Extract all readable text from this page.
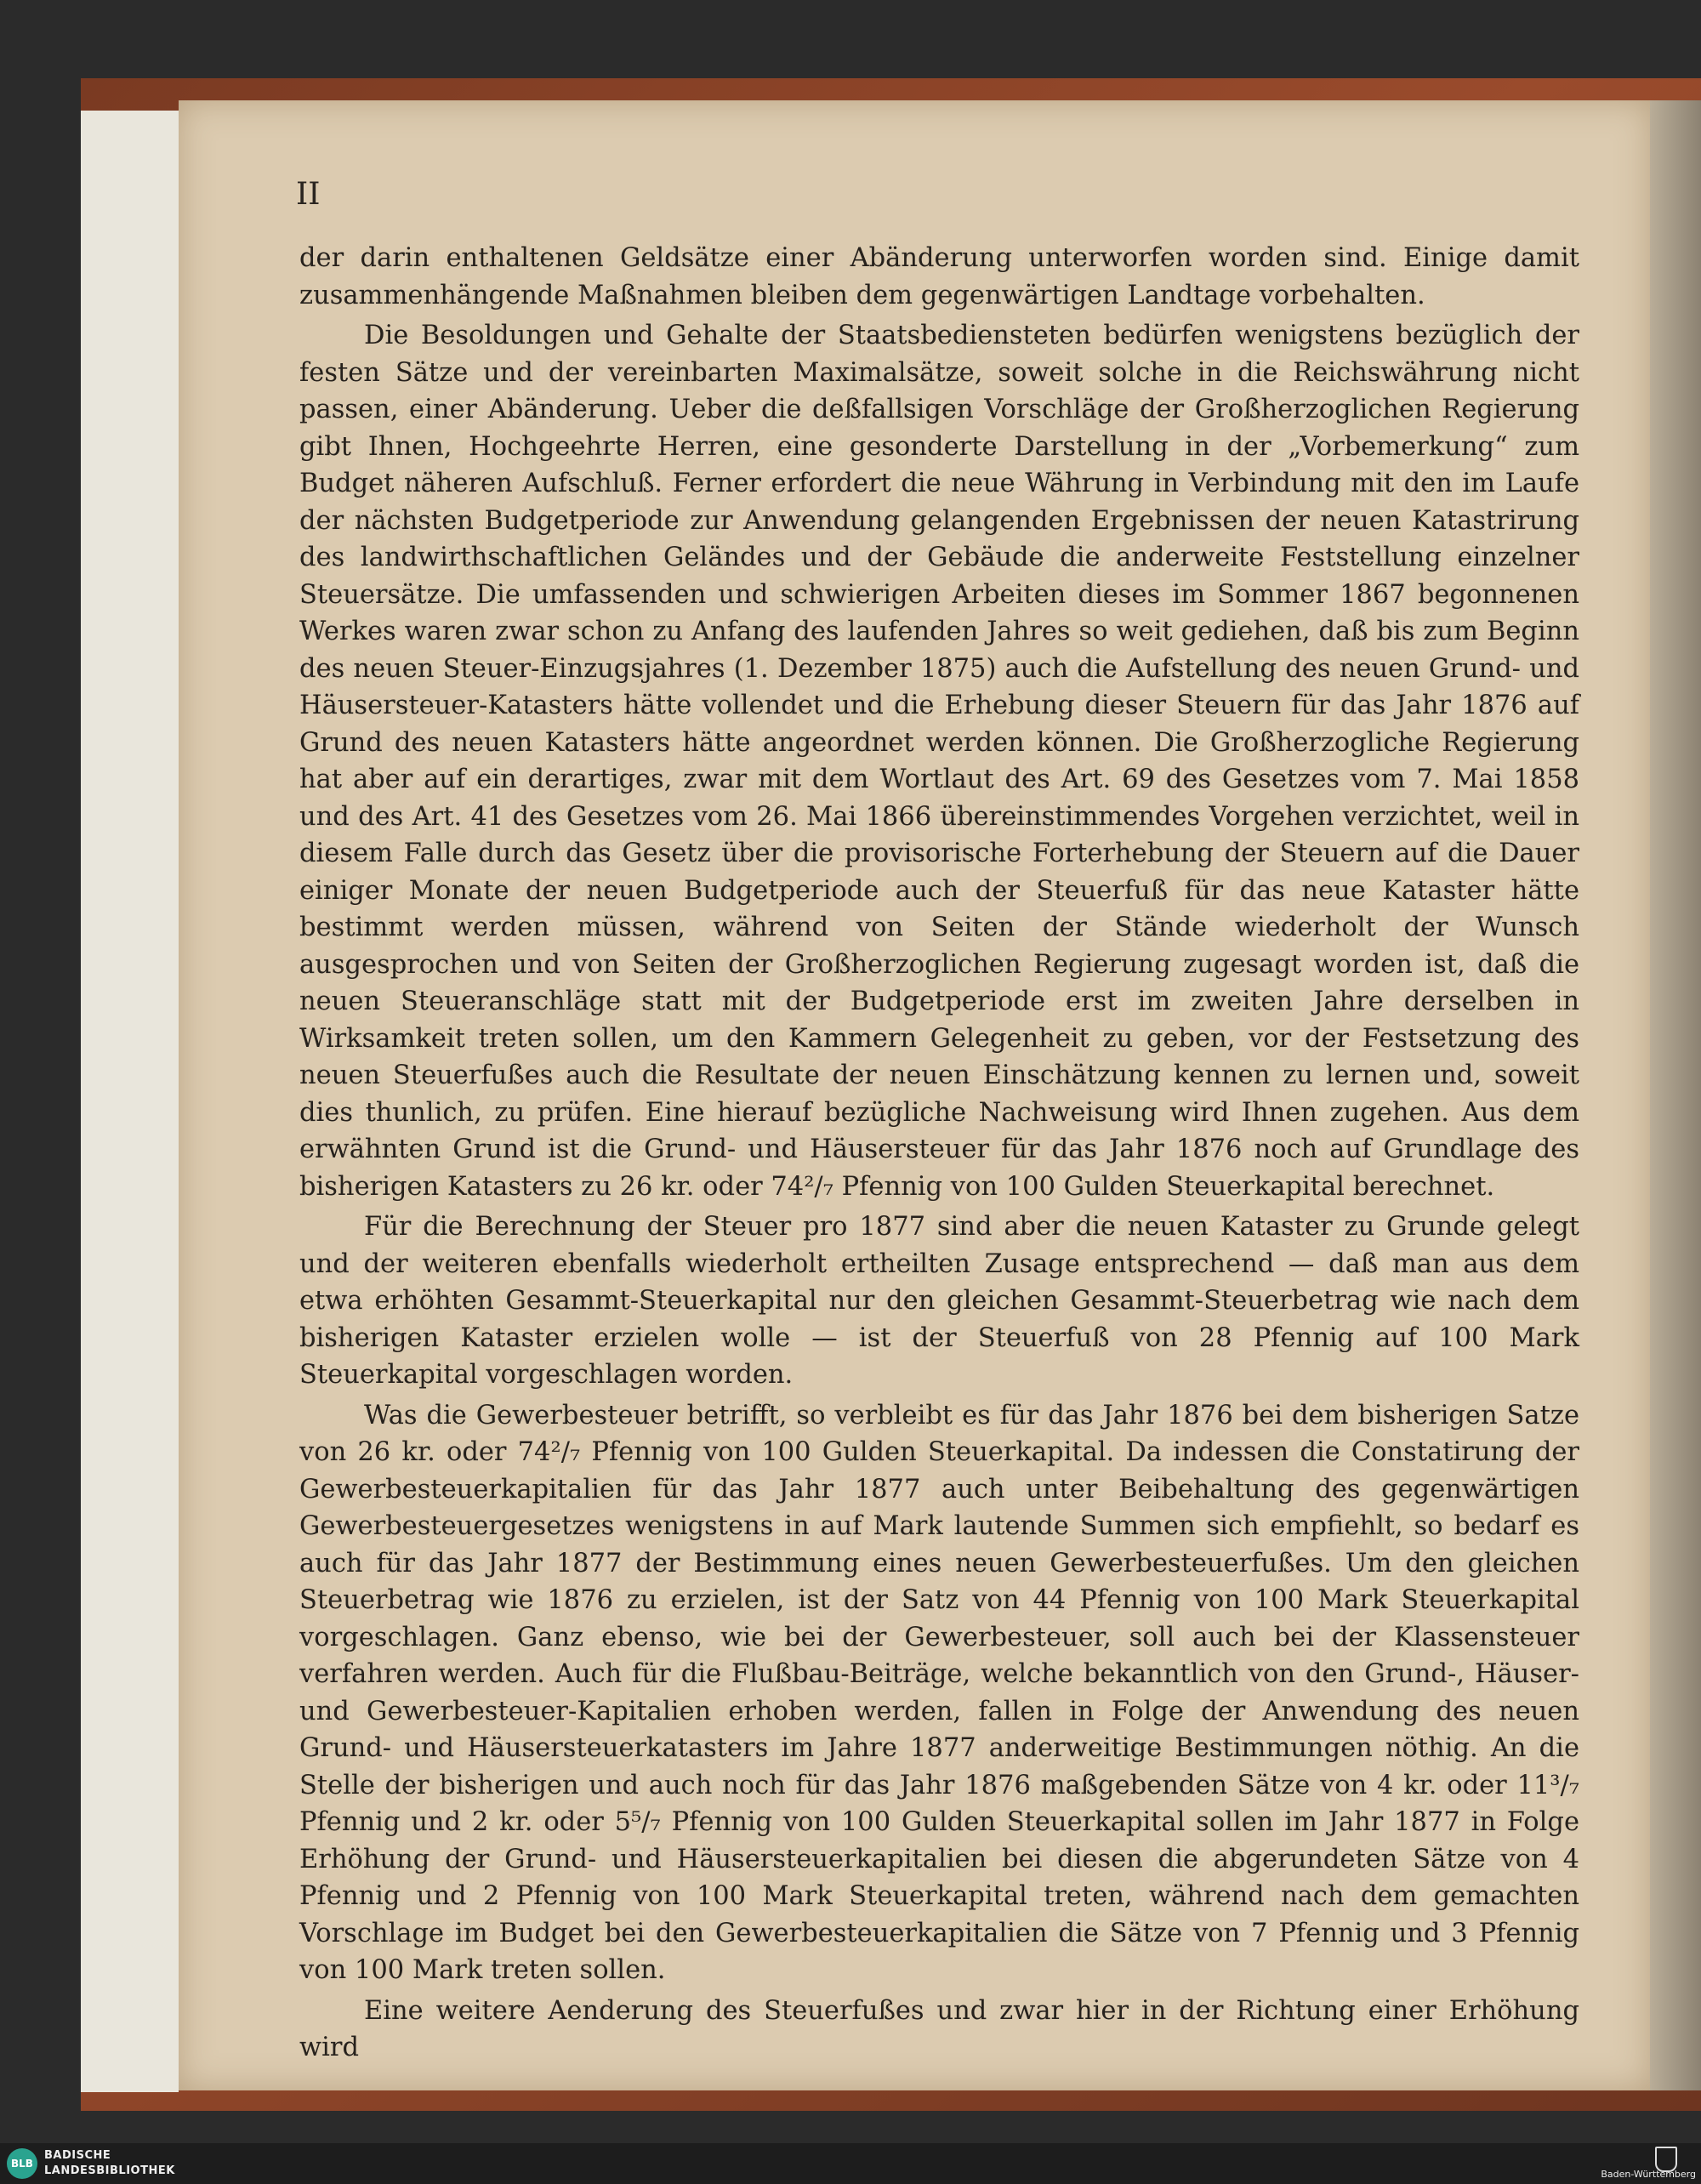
II

der darin enthaltenen Geldsätze einer Abänderung unterworfen worden sind. Einige damit zusammenhängende Maßnahmen bleiben dem gegenwärtigen Landtage vorbehalten.

Die Besoldungen und Gehalte der Staatsbediensteten bedürfen wenigstens bezüglich der festen Sätze und der vereinbarten Maximalsätze, soweit solche in die Reichswährung nicht passen, einer Abänderung. Ueber die deßfallsigen Vorschläge der Großherzoglichen Regierung gibt Ihnen, Hochgeehrte Herren, eine gesonderte Darstellung in der „Vorbemerkung“ zum Budget näheren Aufschluß. Ferner erfordert die neue Währung in Verbindung mit den im Laufe der nächsten Budgetperiode zur Anwendung gelangenden Ergebnissen der neuen Katastrirung des landwirthschaftlichen Geländes und der Gebäude die anderweite Feststellung einzelner Steuersätze. Die umfassenden und schwierigen Arbeiten dieses im Sommer 1867 begonnenen Werkes waren zwar schon zu Anfang des laufenden Jahres so weit gediehen, daß bis zum Beginn des neuen Steuer-Einzugsjahres (1. Dezember 1875) auch die Aufstellung des neuen Grund- und Häusersteuer-Katasters hätte vollendet und die Erhebung dieser Steuern für das Jahr 1876 auf Grund des neuen Katasters hätte angeordnet werden können. Die Großherzogliche Regierung hat aber auf ein derartiges, zwar mit dem Wortlaut des Art. 69 des Gesetzes vom 7. Mai 1858 und des Art. 41 des Gesetzes vom 26. Mai 1866 übereinstimmendes Vorgehen verzichtet, weil in diesem Falle durch das Gesetz über die provisorische Forterhebung der Steuern auf die Dauer einiger Monate der neuen Budgetperiode auch der Steuerfuß für das neue Kataster hätte bestimmt werden müssen, während von Seiten der Stände wiederholt der Wunsch ausgesprochen und von Seiten der Großherzoglichen Regierung zugesagt worden ist, daß die neuen Steueranschläge statt mit der Budgetperiode erst im zweiten Jahre derselben in Wirksamkeit treten sollen, um den Kammern Gelegenheit zu geben, vor der Festsetzung des neuen Steuerfußes auch die Resultate der neuen Einschätzung kennen zu lernen und, soweit dies thunlich, zu prüfen. Eine hierauf bezügliche Nachweisung wird Ihnen zugehen. Aus dem erwähnten Grund ist die Grund- und Häusersteuer für das Jahr 1876 noch auf Grundlage des bisherigen Katasters zu 26 kr. oder 74²/₇ Pfennig von 100 Gulden Steuerkapital berechnet.

Für die Berechnung der Steuer pro 1877 sind aber die neuen Kataster zu Grunde gelegt und der weiteren ebenfalls wiederholt ertheilten Zusage entsprechend — daß man aus dem etwa erhöhten Gesammt-Steuerkapital nur den gleichen Gesammt-Steuerbetrag wie nach dem bisherigen Kataster erzielen wolle — ist der Steuerfuß von 28 Pfennig auf 100 Mark Steuerkapital vorgeschlagen worden.

Was die Gewerbesteuer betrifft, so verbleibt es für das Jahr 1876 bei dem bisherigen Satze von 26 kr. oder 74²/₇ Pfennig von 100 Gulden Steuerkapital. Da indessen die Constatirung der Gewerbesteuerkapitalien für das Jahr 1877 auch unter Beibehaltung des gegenwärtigen Gewerbesteuergesetzes wenigstens in auf Mark lautende Summen sich empfiehlt, so bedarf es auch für das Jahr 1877 der Bestimmung eines neuen Gewerbesteuerfußes. Um den gleichen Steuerbetrag wie 1876 zu erzielen, ist der Satz von 44 Pfennig von 100 Mark Steuerkapital vorgeschlagen. Ganz ebenso, wie bei der Gewerbesteuer, soll auch bei der Klassensteuer verfahren werden. Auch für die Flußbau-Beiträge, welche bekanntlich von den Grund-, Häuser- und Gewerbesteuer-Kapitalien erhoben werden, fallen in Folge der Anwendung des neuen Grund- und Häusersteuerkatasters im Jahre 1877 anderweitige Bestimmungen nöthig. An die Stelle der bisherigen und auch noch für das Jahr 1876 maßgebenden Sätze von 4 kr. oder 11³/₇ Pfennig und 2 kr. oder 5⁵/₇ Pfennig von 100 Gulden Steuerkapital sollen im Jahr 1877 in Folge Erhöhung der Grund- und Häusersteuerkapitalien bei diesen die abgerundeten Sätze von 4 Pfennig und 2 Pfennig von 100 Mark Steuerkapital treten, während nach dem gemachten Vorschlage im Budget bei den Gewerbesteuerkapitalien die Sätze von 7 Pfennig und 3 Pfennig von 100 Mark treten sollen.

Eine weitere Aenderung des Steuerfußes und zwar hier in der Richtung einer Erhöhung wird

BLB
BADISCHE
LANDESBIBLIOTHEK	Baden-Württemberg
